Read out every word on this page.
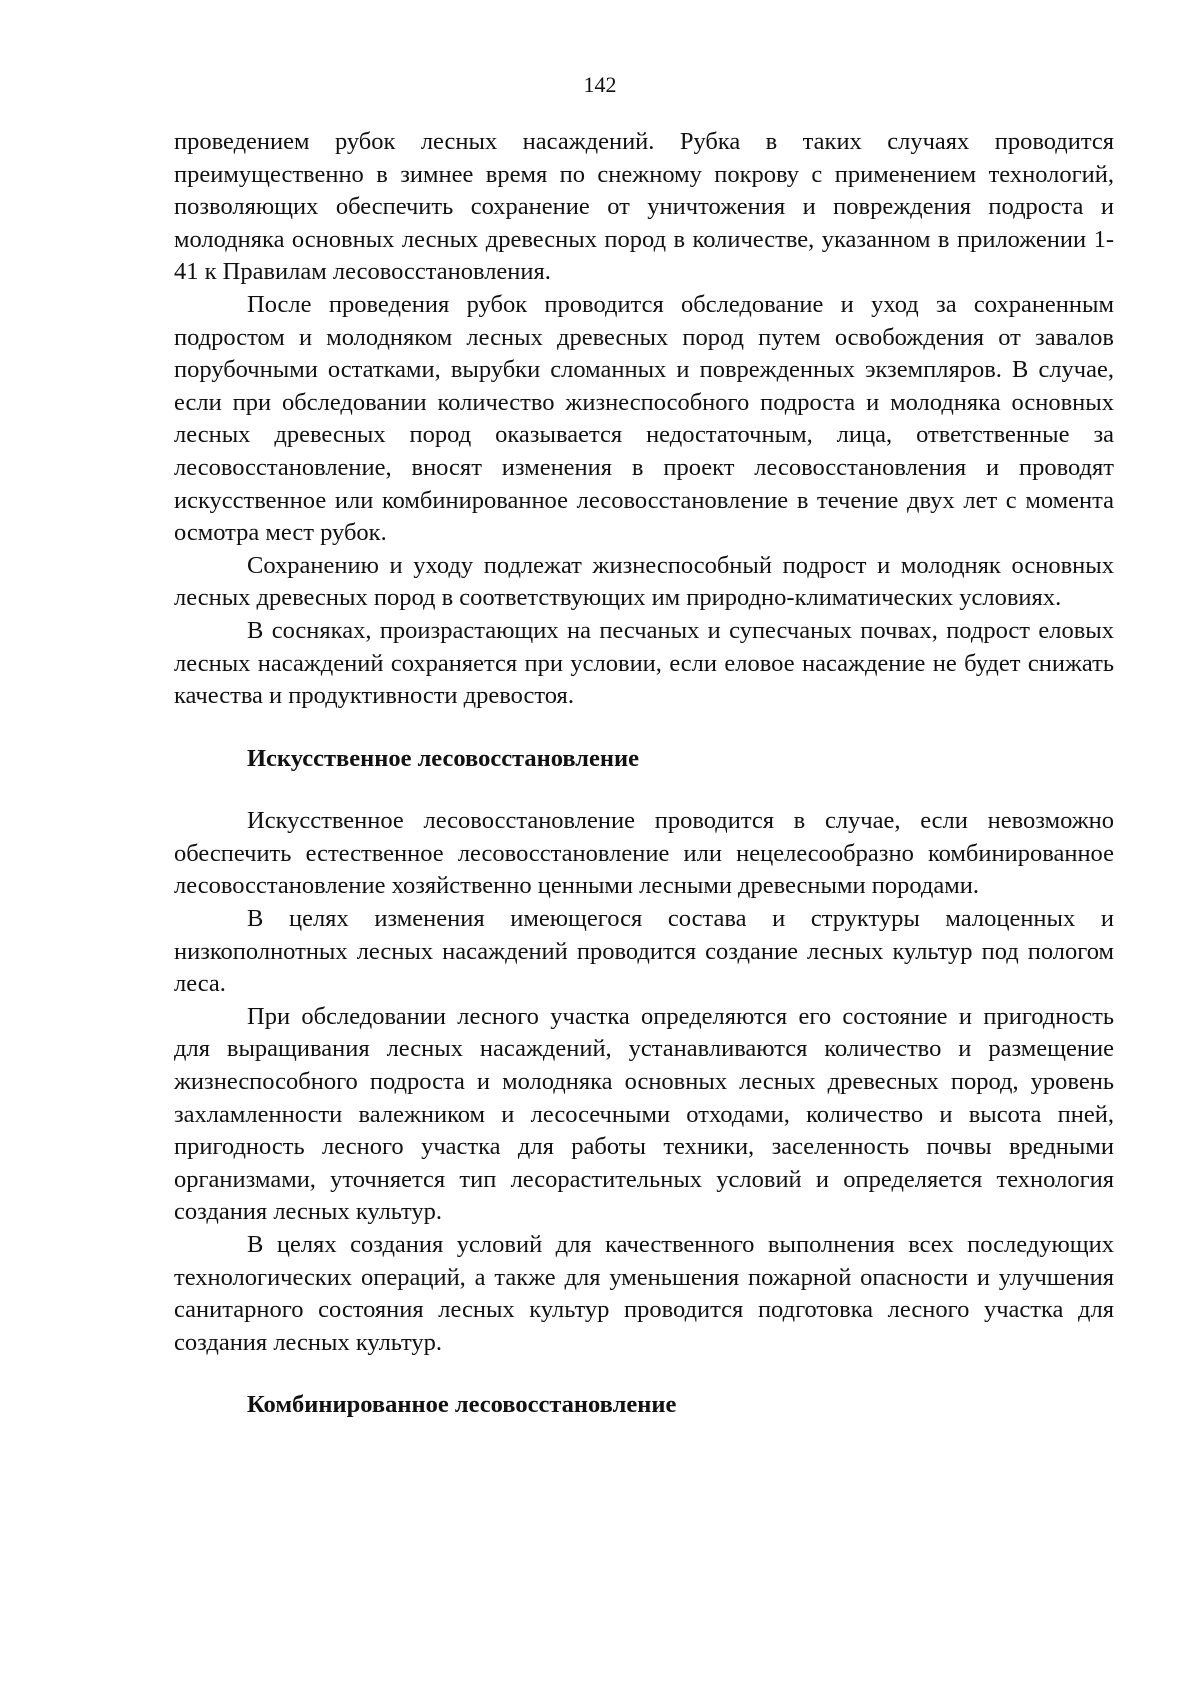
142

проведением рубок лесных насаждений. Рубка в таких случаях проводится преимущественно в зимнее время по снежному покрову с применением технологий, позволяющих обеспечить сохранение от уничтожения и повреждения подроста и молодняка основных лесных древесных пород в количестве, указанном в приложении 1-41 к Правилам лесовосстановления.

После проведения рубок проводится обследование и уход за сохраненным подростом и молодняком лесных древесных пород путем освобождения от завалов порубочными остатками, вырубки сломанных и поврежденных экземпляров. В случае, если при обследовании количество жизнеспособного подроста и молодняка основных лесных древесных пород оказывается недостаточным, лица, ответственные за лесовосстановление, вносят изменения в проект лесовосстановления и проводят искусственное или комбинированное лесовосстановление в течение двух лет с момента осмотра мест рубок.

Сохранению и уходу подлежат жизнеспособный подрост и молодняк основных лесных древесных пород в соответствующих им природно-климатических условиях.

В сосняках, произрастающих на песчаных и супесчаных почвах, подрост еловых лесных насаждений сохраняется при условии, если еловое насаждение не будет снижать качества и продуктивности древостоя.

Искусственное лесовосстановление

Искусственное лесовосстановление проводится в случае, если невозможно обеспечить естественное лесовосстановление или нецелесообразно комбинированное лесовосстановление хозяйственно ценными лесными древесными породами.

В целях изменения имеющегося состава и структуры малоценных и низкополнотных лесных насаждений проводится создание лесных культур под пологом леса.

При обследовании лесного участка определяются его состояние и пригодность для выращивания лесных насаждений, устанавливаются количество и размещение жизнеспособного подроста и молодняка основных лесных древесных пород, уровень захламленности валежником и лесосечными отходами, количество и высота пней, пригодность лесного участка для работы техники, заселенность почвы вредными организмами, уточняется тип лесорастительных условий и определяется технология создания лесных культур.

В целях создания условий для качественного выполнения всех последующих технологических операций, а также для уменьшения пожарной опасности и улучшения санитарного состояния лесных культур проводится подготовка лесного участка для создания лесных культур.

Комбинированное лесовосстановление
